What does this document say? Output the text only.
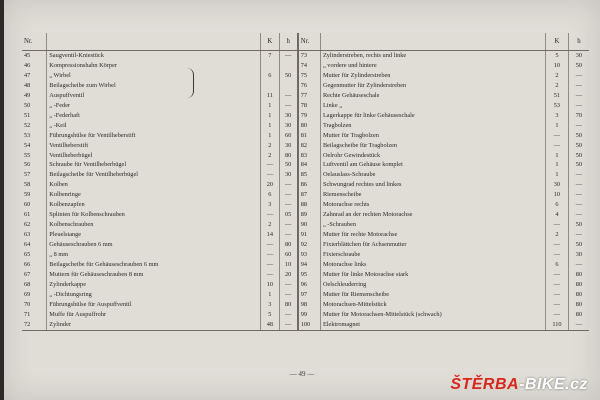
Nr.		K	h	Nr.		K	h
45	Saugventil-Kniestück	7	—	73	Zylinderstreben, rechts und linke	5	30
46	Kompressionshahn Körper			74	„ vordere und hintere	10	50
47	„ Wirbel	6	50	75	Mutter für Zylinderstreben	2	—
48	Beilagscheibe zum Wirbel			76	Gegenmutter für Zylinderstreben	2	—
49	Auspuffventil	11	—	77	Rechte Gehäuseschale	51	—
50	„ -Feder	1	—	78	Linke „	53	—
51	„ -Federhaft	1	30	79	Lagerkappe für linke Gehäuseschale	3	70
52	„ -Keil	1	30	80	Tragbolzen	1	—
53	Führungshülse für Ventilheberstift	1	60	81	Mutter für Tragbolzen	—	50
54	Ventilheberstift	2	30	82	Beilagscheibe für Tragbolzen	—	50
55	Ventilheberbügel	2	80	83	Oelrohr Gewindestück	1	50
56	Schraube für Ventilheberbügel	—	50	84	Luftventil am Gehäuse komplet	1	50
57	Beilagscheibe für Ventilheberbügel	—	30	85	Oelauslass-Schraube	1	—
58	Kolben	20	—	86	Schwungrad rechtes und linkes	30	—
59	Kolbenringe	6	—	87	Riemenscheibe	10	—
60	Kolbenzapfen	3	—	88	Motorachse rechts	6	—
61	Splinten für Kolbenschrauben	—	05	89	Zahnrad an der rechten Motorachse	4	—
62	Kolbenschrauben	2	—	90	„ -Schrauben	—	50
63	Pleuelstange	14	—	91	Mutter für rechte Motorachse	2	—
64	Gehäuseschrauben 6 mm	—	80	92	Fixierblättchen für Achsenmutter	—	50
65	„ 8 mm	—	60	93	Fixierschraube	—	30
66	Beilagscheibe für Gehäuseschrauben 6 mm	—	10	94	Motorachse links	6	—
67	Muttern für Gehäuseschrauben 8 mm	—	20	95	Mutter für linke Motorachse stark	—	80
68	Zylinderkappe	10	—	96	Oelschleuderring	—	80
69	„ -Dichtungsring	1	—	97	Mutter für Riemenscheibe	—	80
70	Führungshülse für Auspuffventil	3	80	98	Motorachsen-Mittelstück	—	80
71	Muffe für Auspuffrohr	5	—	99	Mutter für Motorachsen-Mittelstück (schwach)	—	80
72	Zylinder	48	—	100	Elektromagnet	110	—
— 49 —
ŠTĚRBA-BIKE.cz
